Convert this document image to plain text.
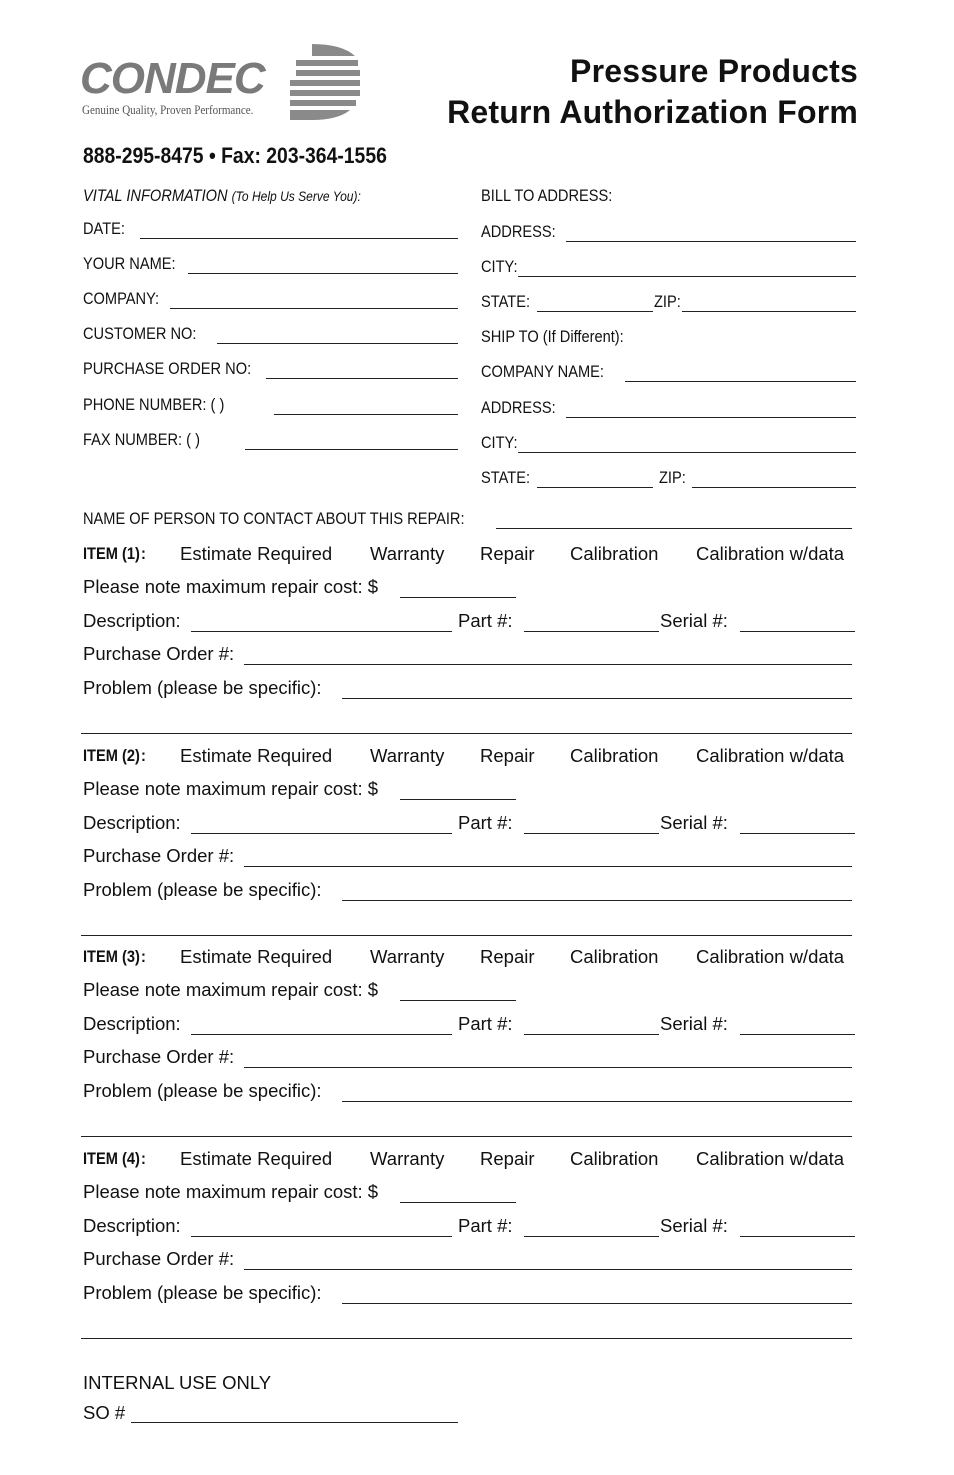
CONDEC
Genuine Quality, Proven Performance.
Pressure Products
Return Authorization Form
888-295-8475 • Fax: 203-364-1556
VITAL INFORMATION (To Help Us Serve You):
DATE:
YOUR NAME:
COMPANY:
CUSTOMER NO:
PURCHASE ORDER NO:
PHONE NUMBER: ( )
FAX NUMBER: ( )
BILL TO ADDRESS:
ADDRESS:
CITY:
STATE:	ZIP:
SHIP TO (If Different):
COMPANY NAME:
ADDRESS:
CITY:
STATE:	ZIP:
NAME OF PERSON TO CONTACT ABOUT THIS REPAIR:
ITEM (1): Estimate Required Warranty Repair Calibration Calibration w/data
Please note maximum repair cost: $
Description:	Part #:	Serial #:
Purchase Order #:
Problem (please be specific):
ITEM (2): Estimate Required Warranty Repair Calibration Calibration w/data
Please note maximum repair cost: $
Description:	Part #:	Serial #:
Purchase Order #:
Problem (please be specific):
ITEM (3): Estimate Required Warranty Repair Calibration Calibration w/data
Please note maximum repair cost: $
Description:	Part #:	Serial #:
Purchase Order #:
Problem (please be specific):
ITEM (4): Estimate Required Warranty Repair Calibration Calibration w/data
Please note maximum repair cost: $
Description:	Part #:	Serial #:
Purchase Order #:
Problem (please be specific):
INTERNAL USE ONLY
SO #
